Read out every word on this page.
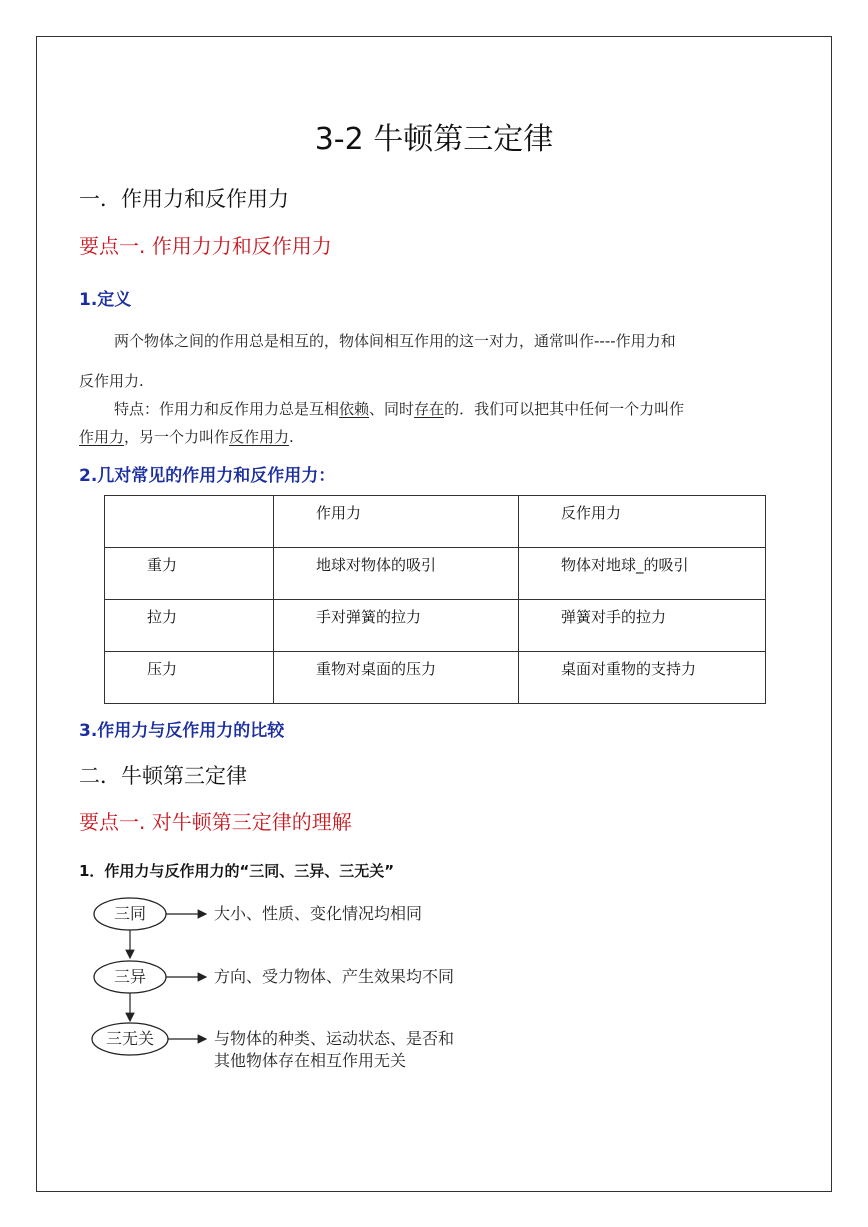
3-2 牛顿第三定律
一．作用力和反作用力
要点一. 作用力力和反作用力
1.定义
两个物体之间的作用总是相互的，物体间相互作用的这一对力，通常叫作----作用力和
反作用力.
特点：作用力和反作用力总是互相依赖、同时存在的．我们可以把其中任何一个力叫作
作用力，另一个力叫作反作用力.
2.几对常见的作用力和反作用力：

	作用力	反作用力

重力	地球对物体的吸引	物体对地球_的吸引

拉力	手对弹簧的拉力	弹簧对手的拉力

压力	重物对桌面的压力	桌面对重物的支持力
3.作用力与反作用力的比较
二．牛顿第三定律
要点一. 对牛顿第三定律的理解
1．作用力与反作用力的“三同、三异、三无关”
三同	大小、性质、变化情况均相同
三异	方向、受力物体、产生效果均不同
三无关	与物体的种类、运动状态、是否和
其他物体存在相互作用无关
